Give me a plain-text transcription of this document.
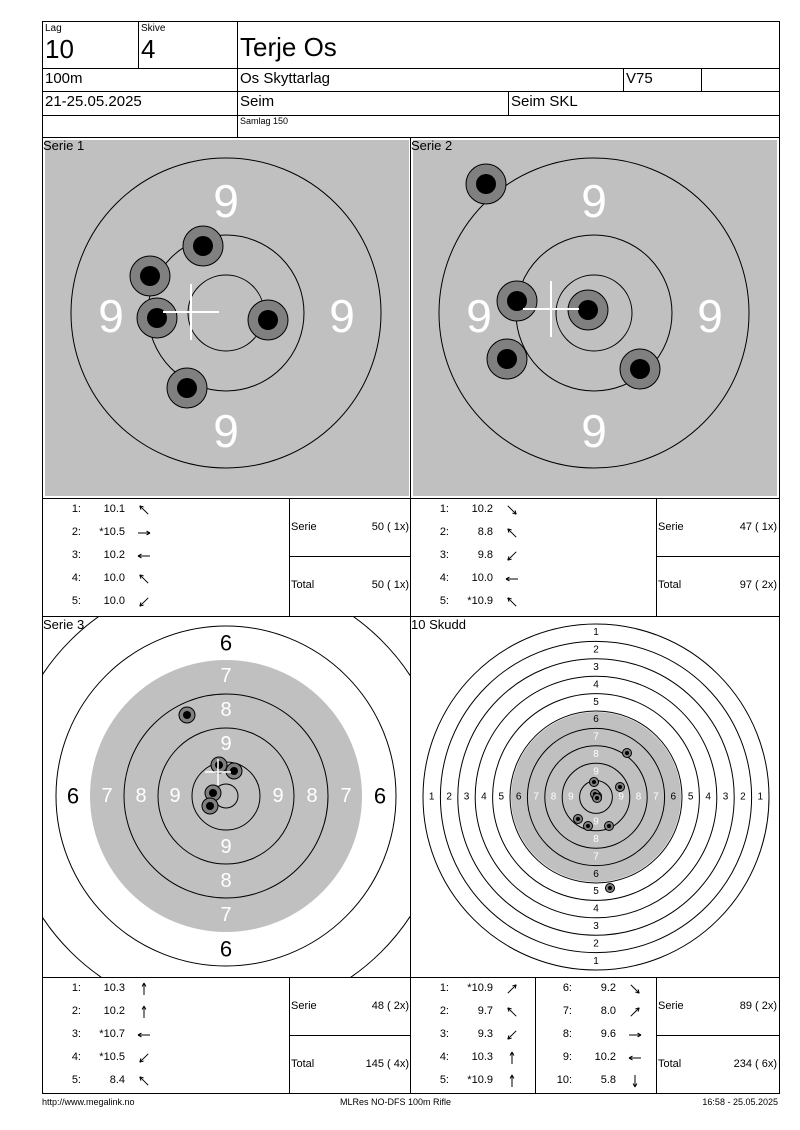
Lag
10
Skive
4	Terje Os
100m	Os Skyttarlag	V75
21-25.05.2025	Seim	Seim SKL
Samlag 150
9
9
9	9
Serie 1
9
9
9	9
Serie 2
1:	10.1
2:	*10.5
3:	10.2
4:	10.0
5:	10.0
Serie	50 ( 1x)
Total	50 ( 1x)
1:	10.2
2:	8.8
3:	9.8
4:	10.0
5:	*10.9
Serie	47 ( 1x)
Total	97 ( 2x)
6
6
6	6
7
7
7	7
8
8
8	8
9
9
9	9
Serie 3
1
1
1	1
2
2
2	2
3
3
3	3
4
4
4	4
5
5
5	5
6
6
6	6
7
7
7	7
8
8
8	8
9
9
9	9
10 Skudd
1:	10.3
2:	10.2
3:	*10.7
4:	*10.5
5:	8.4
Serie	48 ( 2x)
Total	145 ( 4x)
1:	*10.9
2:	9.7
3:	9.3
4:	10.3
5:	*10.9
6:	9.2
7:	8.0
8:	9.6
9:	10.2
10:	5.8
Serie	89 ( 2x)
Total	234 ( 6x)
http://www.megalink.no	MLRes NO-DFS 100m Rifle	16:58 - 25.05.2025
